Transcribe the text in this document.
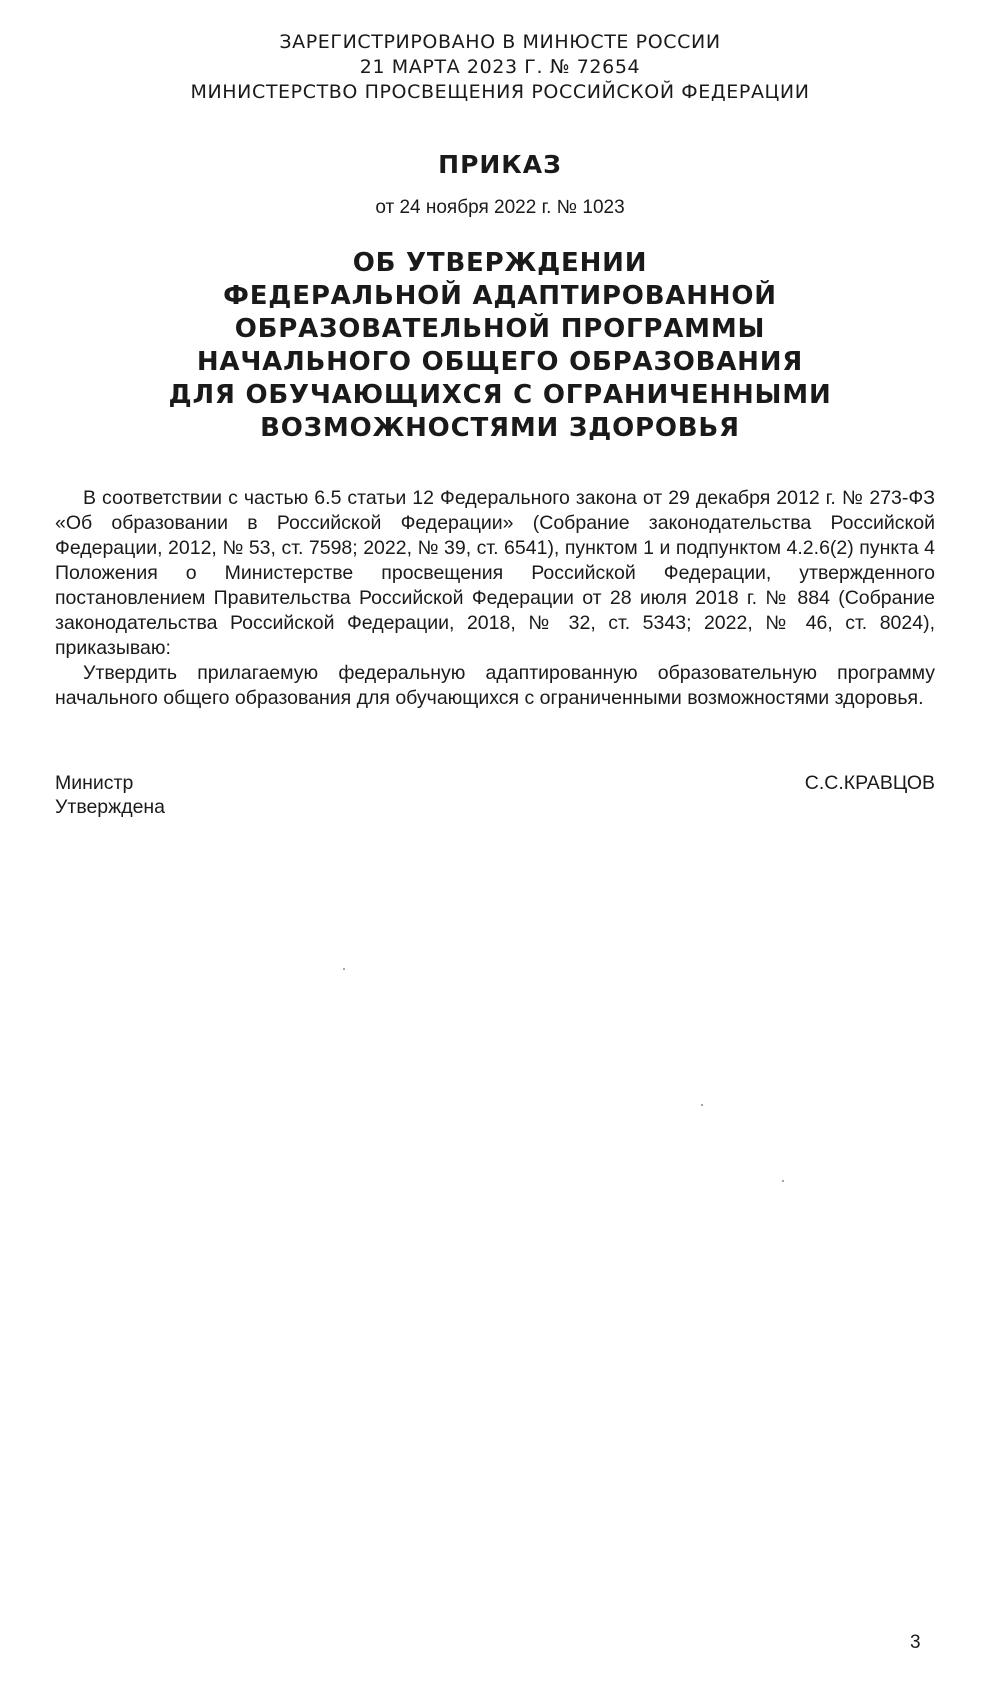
ЗАРЕГИСТРИРОВАНО В МИНЮСТЕ РОССИИ
21 МАРТА 2023 Г. № 72654
МИНИСТЕРСТВО ПРОСВЕЩЕНИЯ РОССИЙСКОЙ ФЕДЕРАЦИИ
ПРИКАЗ
от 24 ноября 2022 г. № 1023
ОБ УТВЕРЖДЕНИИ
ФЕДЕРАЛЬНОЙ АДАПТИРОВАННОЙ
ОБРАЗОВАТЕЛЬНОЙ ПРОГРАММЫ
НАЧАЛЬНОГО ОБЩЕГО ОБРАЗОВАНИЯ
ДЛЯ ОБУЧАЮЩИХСЯ С ОГРАНИЧЕННЫМИ
ВОЗМОЖНОСТЯМИ ЗДОРОВЬЯ

В соответствии с частью 6.5 статьи 12 Федерального закона от 29 декабря 2012 г. № 273-ФЗ «Об образовании в Российской Федерации» (Собрание законодательства Российской Федерации, 2012, № 53, ст. 7598; 2022, № 39, ст. 6541), пунктом 1 и подпунктом 4.2.6(2) пункта 4 Положения о Министерстве просвещения Российской Федерации, утвержденного постановлением Правительства Российской Федерации от 28 июля 2018 г. № 884 (Собрание законодательства Российской Федерации, 2018, № 32, ст. 5343; 2022, № 46, ст. 8024), приказываю:

Утвердить прилагаемую федеральную адаптированную образовательную программу начального общего образования для обучающихся с ограниченными возможностями здоровья.

Министр	С.С.КРАВЦОВ
Утверждена
3
